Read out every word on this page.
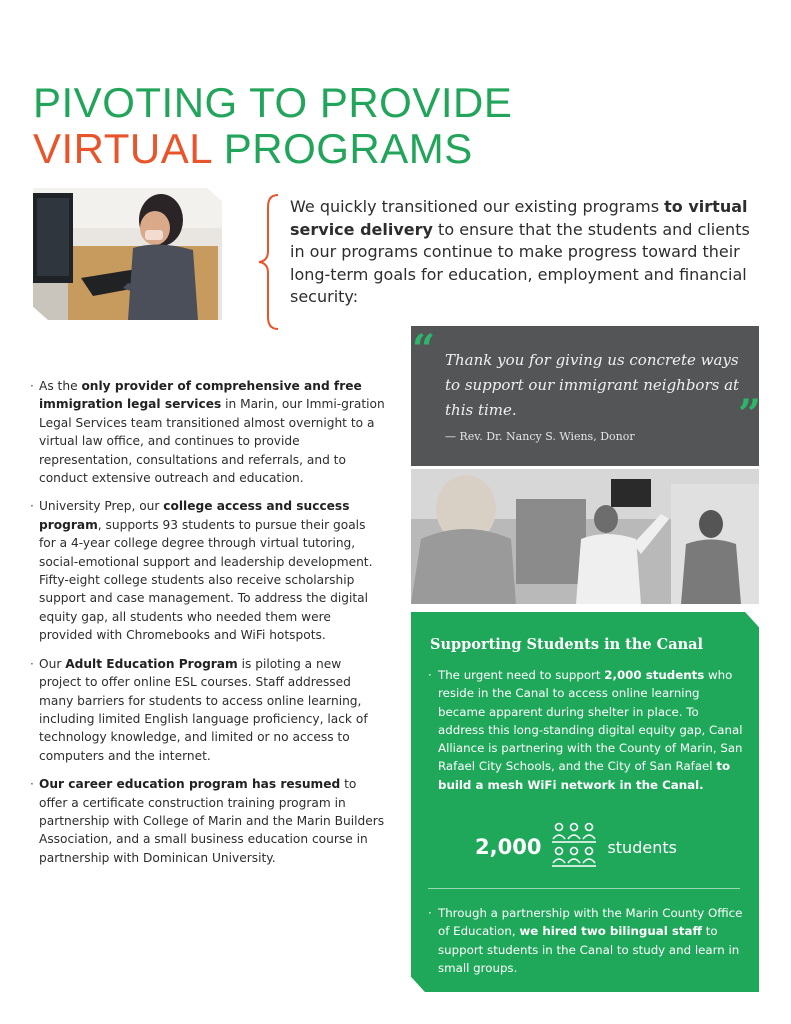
PIVOTING TO PROVIDE
VIRTUAL PROGRAMS
We quickly transitioned our existing programs to virtual service delivery to ensure that the students and clients in our programs continue to make progress toward their long-term goals for education, employment and financial security:
“ Thank you for giving us concrete ways to support our immigrant neighbors at this time.
— Rev. Dr. Nancy S. Wiens, Donor	”
· As the only provider of comprehensive and free immigration legal services in Marin, our Immi-gration Legal Services team transitioned almost overnight to a virtual law office, and continues to provide representation, consultations and referrals, and to conduct extensive outreach and education.
· University Prep, our college access and success program, supports 93 students to pursue their goals for a 4-year college degree through virtual tutoring, social-emotional support and leadership development. Fifty-eight college students also receive scholarship support and case management. To address the digital equity gap, all students who needed them were provided with Chromebooks and WiFi hotspots.
· Our Adult Education Program is piloting a new project to offer online ESL courses. Staff addressed many barriers for students to access online learning, including limited English language proficiency, lack of technology knowledge, and limited or no access to computers and the internet.
· Our career education program has resumed to offer a certificate construction training program in partnership with College of Marin and the Marin Builders Association, and a small business education course in partnership with Dominican University.
Supporting Students in the Canal
· The urgent need to support 2,000 students who reside in the Canal to access online learning became apparent during shelter in place. To address this long-standing digital equity gap, Canal Alliance is partnering with the County of Marin, San Rafael City Schools, and the City of San Rafael to build a mesh WiFi network in the Canal.
2,000	students
· Through a partnership with the Marin County Office of Education, we hired two bilingual staff to support students in the Canal to study and learn in small groups.
